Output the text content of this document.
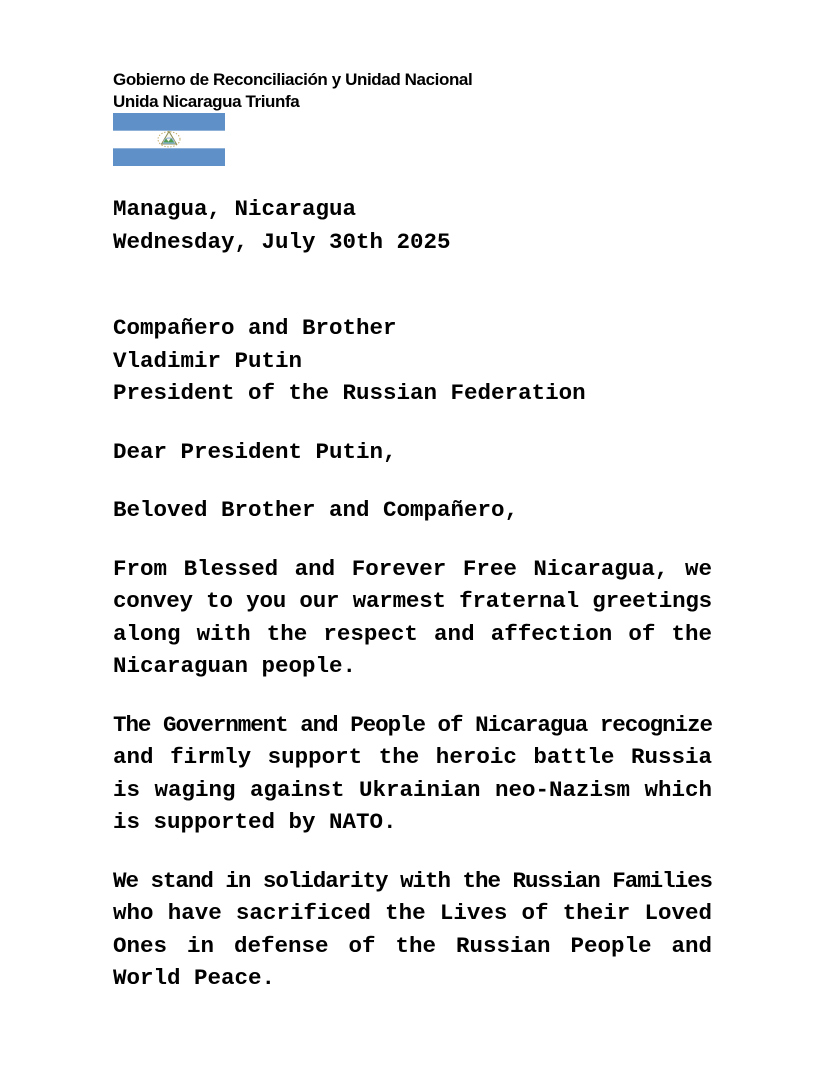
Gobierno de Reconciliación y Unidad Nacional
Unida Nicaragua Triunfa
Managua, Nicaragua
Wednesday, July 30th 2025
Compañero and Brother
Vladimir Putin
President of the Russian Federation
Dear President Putin,
Beloved Brother and Compañero,
From Blessed and Forever Free Nicaragua, we
convey to you our warmest fraternal greetings
along with the respect and affection of the
Nicaraguan people.
The Government and People of Nicaragua recognize
and firmly support the heroic battle Russia
is waging against Ukrainian neo-Nazism which
is supported by NATO.
We stand in solidarity with the Russian Families
who have sacrificed the Lives of their Loved
Ones in defense of the Russian People and
World Peace.
